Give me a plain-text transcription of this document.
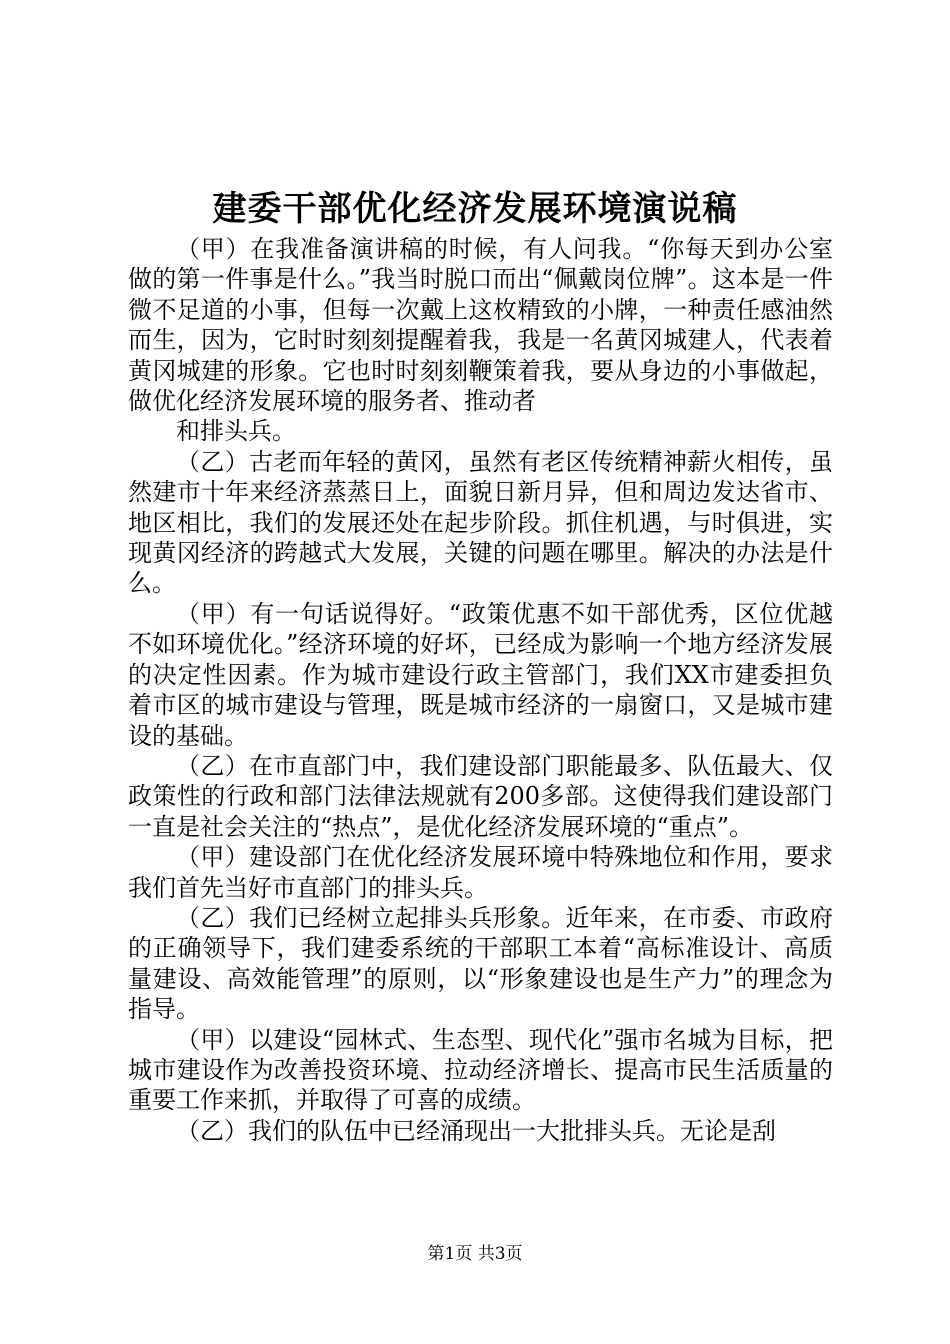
建委干部优化经济发展环境演说稿

（甲）在我准备演讲稿的时候，有人问我。“你每天到办公室做的第一件事是什么。”我当时脱口而出“佩戴岗位牌”。这本是一件微不足道的小事，但每一次戴上这枚精致的小牌，一种责任感油然而生，因为，它时时刻刻提醒着我，我是一名黄冈城建人，代表着黄冈城建的形象。它也时时刻刻鞭策着我，要从身边的小事做起，做优化经济发展环境的服务者、推动者

和排头兵。

（乙）古老而年轻的黄冈，虽然有老区传统精神薪火相传，虽然建市十年来经济蒸蒸日上，面貌日新月异，但和周边发达省市、地区相比，我们的发展还处在起步阶段。抓住机遇，与时俱进，实现黄冈经济的跨越式大发展，关键的问题在哪里。解决的办法是什么。

（甲）有一句话说得好。“政策优惠不如干部优秀，区位优越不如环境优化。”经济环境的好坏，已经成为影响一个地方经济发展的决定性因素。作为城市建设行政主管部门，我们XX市建委担负着市区的城市建设与管理，既是城市经济的一扇窗口，又是城市建设的基础。

（乙）在市直部门中，我们建设部门职能最多、队伍最大、仅政策性的行政和部门法律法规就有200多部。这使得我们建设部门一直是社会关注的“热点”，是优化经济发展环境的“重点”。

（甲）建设部门在优化经济发展环境中特殊地位和作用，要求我们首先当好市直部门的排头兵。

（乙）我们已经树立起排头兵形象。近年来，在市委、市政府的正确领导下，我们建委系统的干部职工本着“高标准设计、高质量建设、高效能管理”的原则，以“形象建设也是生产力”的理念为指导。

（甲）以建设“园林式、生态型、现代化”强市名城为目标，把城市建设作为改善投资环境、拉动经济增长、提高市民生活质量的重要工作来抓，并取得了可喜的成绩。

（乙）我们的队伍中已经涌现出一大批排头兵。无论是刮

第1页 共3页
